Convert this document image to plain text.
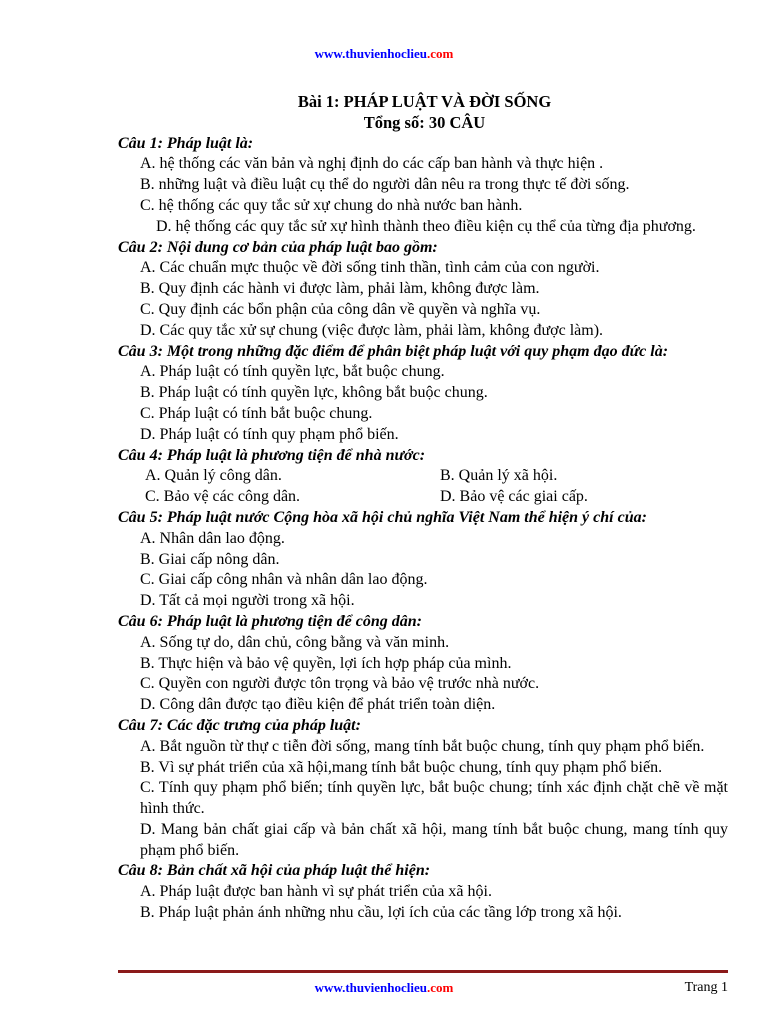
www.thuvienhoclieu.com
Bài 1: PHÁP LUẬT VÀ ĐỜI SỐNG
Tổng số: 30 CÂU
Câu 1: Pháp luật là:
A. hệ thống các văn bản và nghị định do các cấp ban hành và thực hiện .
B. những luật và điều luật cụ thể do người dân nêu ra trong thực tế đời sống.
C. hệ thống các quy tắc sử xự chung do nhà nước ban hành.
D. hệ thống các quy tắc sử xự hình thành theo điều kiện cụ thể của từng địa phương.
Câu 2: Nội dung cơ bản của pháp luật bao gồm:
A. Các chuẩn mực thuộc về đời sống tinh thần, tình cảm của con người.
B. Quy định các hành vi được làm, phải làm, không được làm.
C. Quy định các bổn phận của công dân về quyền và nghĩa vụ.
D. Các quy tắc xử sự chung (việc được làm, phải làm, không được làm).
Câu 3: Một trong những đặc điểm để phân biệt pháp luật với quy phạm đạo đức là:
A. Pháp luật có tính quyền lực, bắt buộc chung.
B. Pháp luật có tính quyền lực, không bắt buộc chung.
C. Pháp luật có tính bắt buộc chung.
D. Pháp luật có tính quy phạm phổ biến.
Câu 4: Pháp luật là phương tiện để nhà nước:
A. Quản lý công dân.	B. Quản lý xã hội.
C. Bảo vệ các công dân.	D. Bảo vệ các giai cấp.
Câu 5: Pháp luật nước Cộng hòa xã hội chủ nghĩa Việt Nam thể hiện ý chí của:
A. Nhân dân lao động.
B. Giai cấp nông dân.
C. Giai cấp công nhân và nhân dân lao động.
D. Tất cả mọi người trong xã hội.
Câu 6: Pháp luật là phương tiện để công dân:
A. Sống tự do, dân chủ, công bằng và văn minh.
B. Thực hiện và bảo vệ quyền, lợi ích hợp pháp của mình.
C. Quyền con người được tôn trọng và bảo vệ trước nhà nước.
D. Công dân được tạo điều kiện để phát triển toàn diện.
Câu 7: Các đặc trưng của pháp luật:
A. Bắt nguồn từ thự c tiễn đời sống, mang tính bắt buộc chung, tính quy phạm phổ biến.
B. Vì sự phát triển của xã hội,mang tính bắt buộc chung, tính quy phạm phổ biến.
C. Tính quy phạm phổ biến; tính quyền lực, bắt buộc chung; tính xác định chặt chẽ về mặt hình thức.
D. Mang bản chất giai cấp và bản chất xã hội, mang tính bắt buộc chung, mang tính quy phạm phổ biến.
Câu 8: Bản chất xã hội của pháp luật thể hiện:
A. Pháp luật được ban hành vì sự phát triển của xã hội.
B. Pháp luật phản ánh những nhu cầu, lợi ích của các tầng lớp trong xã hội.
www.thuvienhoclieu.com	Trang 1
